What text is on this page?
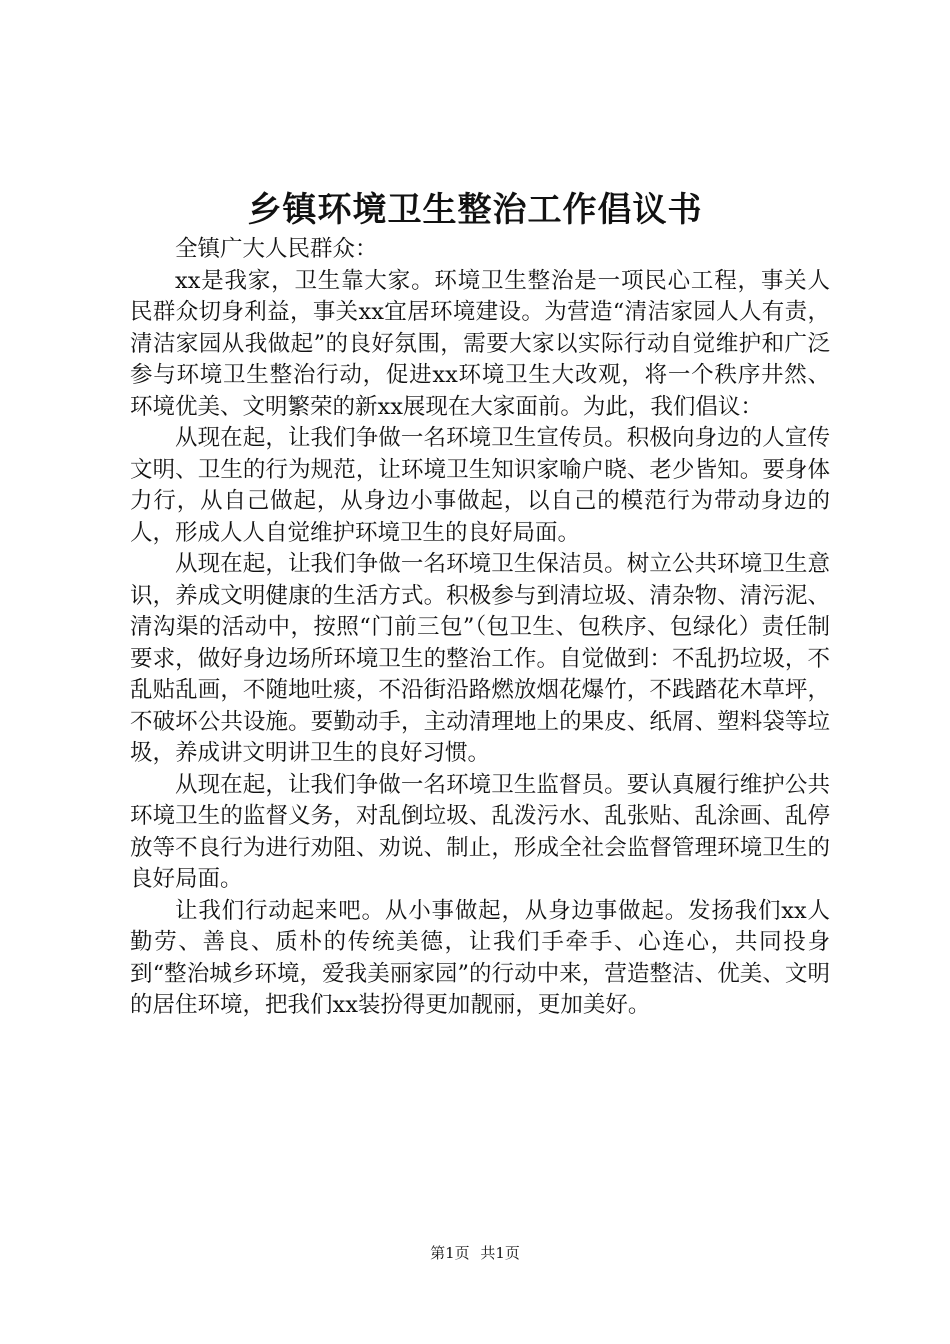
乡镇环境卫生整治工作倡议书

全镇广大人民群众：

xx是我家，卫生靠大家。环境卫生整治是一项民心工程，事关人民群众切身利益，事关xx宜居环境建设。为营造“清洁家园人人有责，清洁家园从我做起”的良好氛围，需要大家以实际行动自觉维护和广泛参与环境卫生整治行动，促进xx环境卫生大改观，将一个秩序井然、环境优美、文明繁荣的新xx展现在大家面前。为此，我们倡议：

从现在起，让我们争做一名环境卫生宣传员。积极向身边的人宣传文明、卫生的行为规范，让环境卫生知识家喻户晓、老少皆知。要身体力行，从自己做起，从身边小事做起，以自己的模范行为带动身边的人，形成人人自觉维护环境卫生的良好局面。

从现在起，让我们争做一名环境卫生保洁员。树立公共环境卫生意识，养成文明健康的生活方式。积极参与到清垃圾、清杂物、清污泥、清沟渠的活动中，按照“门前三包”（包卫生、包秩序、包绿化）责任制要求，做好身边场所环境卫生的整治工作。自觉做到：不乱扔垃圾，不乱贴乱画，不随地吐痰，不沿街沿路燃放烟花爆竹，不践踏花木草坪，不破坏公共设施。要勤动手，主动清理地上的果皮、纸屑、塑料袋等垃圾，养成讲文明讲卫生的良好习惯。

从现在起，让我们争做一名环境卫生监督员。要认真履行维护公共环境卫生的监督义务，对乱倒垃圾、乱泼污水、乱张贴、乱涂画、乱停放等不良行为进行劝阻、劝说、制止，形成全社会监督管理环境卫生的良好局面。

让我们行动起来吧。从小事做起，从身边事做起。发扬我们xx人勤劳、善良、质朴的传统美德，让我们手牵手、心连心，共同投身到“整治城乡环境，爱我美丽家园”的行动中来，营造整洁、优美、文明的居住环境，把我们xx装扮得更加靓丽，更加美好。

第1页 共1页
